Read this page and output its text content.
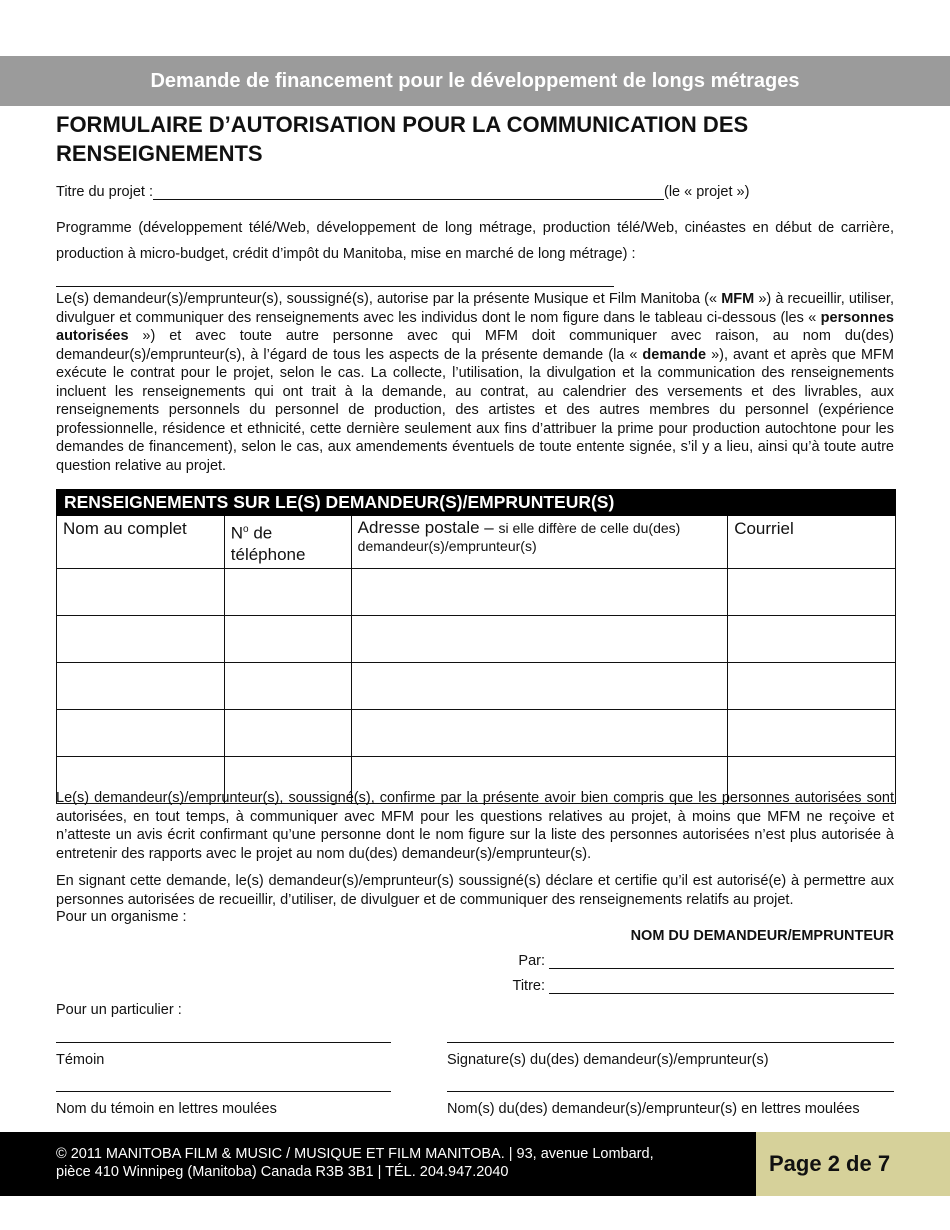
Demande de financement pour le développement de longs métrages
FORMULAIRE D’AUTORISATION POUR LA COMMUNICATION DES RENSEIGNEMENTS
Titre du projet :	(le « projet »)
Programme (développement télé/Web, développement de long métrage, production télé/Web, cinéastes en début de carrière, production à micro-budget, crédit d’impôt du Manitoba, mise en marché de long métrage) :
Le(s) demandeur(s)/emprunteur(s), soussigné(s), autorise par la présente Musique et Film Manitoba (« MFM ») à recueillir, utiliser, divulguer et communiquer des renseignements avec les individus dont le nom figure dans le tableau ci-dessous (les « personnes autorisées ») et avec toute autre personne avec qui MFM doit communiquer avec raison, au nom du(des) demandeur(s)/emprunteur(s), à l’égard de tous les aspects de la présente demande (la « demande »), avant et après que MFM exécute le contrat pour le projet, selon le cas. La collecte, l’utilisation, la divulgation et la communication des renseignements incluent les renseignements qui ont trait à la demande, au contrat, au calendrier des versements et des livrables, aux renseignements personnels du personnel de production, des artistes et des autres membres du personnel (expérience professionnelle, résidence et ethnicité, cette dernière seulement aux fins d’attribuer la prime pour production autochtone pour les demandes de financement), selon le cas, aux amendements éventuels de toute entente signée, s’il y a lieu, ainsi qu’à toute autre question relative au projet.
RENSEIGNEMENTS SUR LE(S) DEMANDEUR(S)/EMPRUNTEUR(S)			
Nom au complet	$N^o$ de téléphone	Adresse postale – si elle diffère de celle du(des) demandeur(s)/emprunteur(s)	Courriel

Le(s) demandeur(s)/emprunteur(s), soussigné(s), confirme par la présente avoir bien compris que les personnes autorisées sont autorisées, en tout temps, à communiquer avec MFM pour les questions relatives au projet, à moins que MFM ne reçoive et n’atteste un avis écrit confirmant qu’une personne dont le nom figure sur la liste des personnes autorisées n’est plus autorisée à entretenir des rapports avec le projet au nom du(des) demandeur(s)/emprunteur(s).
En signant cette demande, le(s) demandeur(s)/emprunteur(s) soussigné(s) déclare et certifie qu’il est autorisé(e) à permettre aux personnes autorisées de recueillir, d’utiliser, de divulguer et de communiquer des renseignements relatifs au projet.
Pour un organisme :
NOM DU DEMANDEUR/EMPRUNTEUR
Par:
Titre:
Pour un particulier :
Témoin	Signature(s) du(des) demandeur(s)/emprunteur(s)
Nom du témoin en lettres moulées	Nom(s) du(des) demandeur(s)/emprunteur(s) en lettres moulées
© 2011 MANITOBA FILM & MUSIC / MUSIQUE ET FILM MANITOBA. | 93, avenue Lombard,
pièce 410 Winnipeg (Manitoba) Canada R3B 3B1 | TÉL. 204.947.2040	Page 2 de 7
